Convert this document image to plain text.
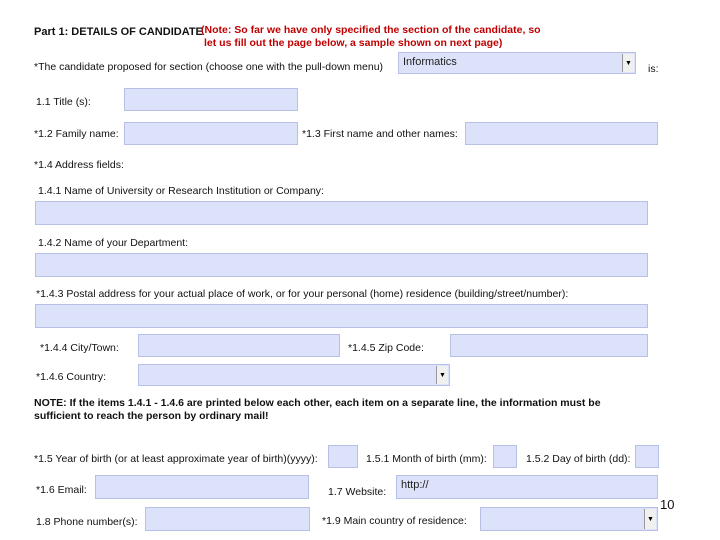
Part 1: DETAILS OF CANDIDATE
(Note: So far we have only specified the section of the candidate, so
let us fill out the page below, a sample shown on next page)
*The candidate proposed for section (choose one with the pull-down menu)	Informatics	▼ is:
1.1 Title (s):
*1.2 Family name:	*1.3 First name and other names:
*1.4 Address fields:
1.4.1 Name of University or Research Institution or Company:
1.4.2 Name of your Department:
*1.4.3 Postal address for your actual place of work, or for your personal (home) residence (building/street/number):
*1.4.4 City/Town:	*1.4.5 Zip Code:
*1.4.6 Country:	▼
NOTE: If the items 1.4.1 - 1.4.6 are printed below each other, each item on a separate line, the information must be
sufficient to reach the person by ordinary mail!
*1.5 Year of birth (or at least approximate year of birth)(yyyy):	1.5.1 Month of birth (mm):	1.5.2 Day of birth (dd):
*1.6 Email:	1.7 Website:
http://
10
1.8 Phone number(s):	*1.9 Main country of residence:	▼
